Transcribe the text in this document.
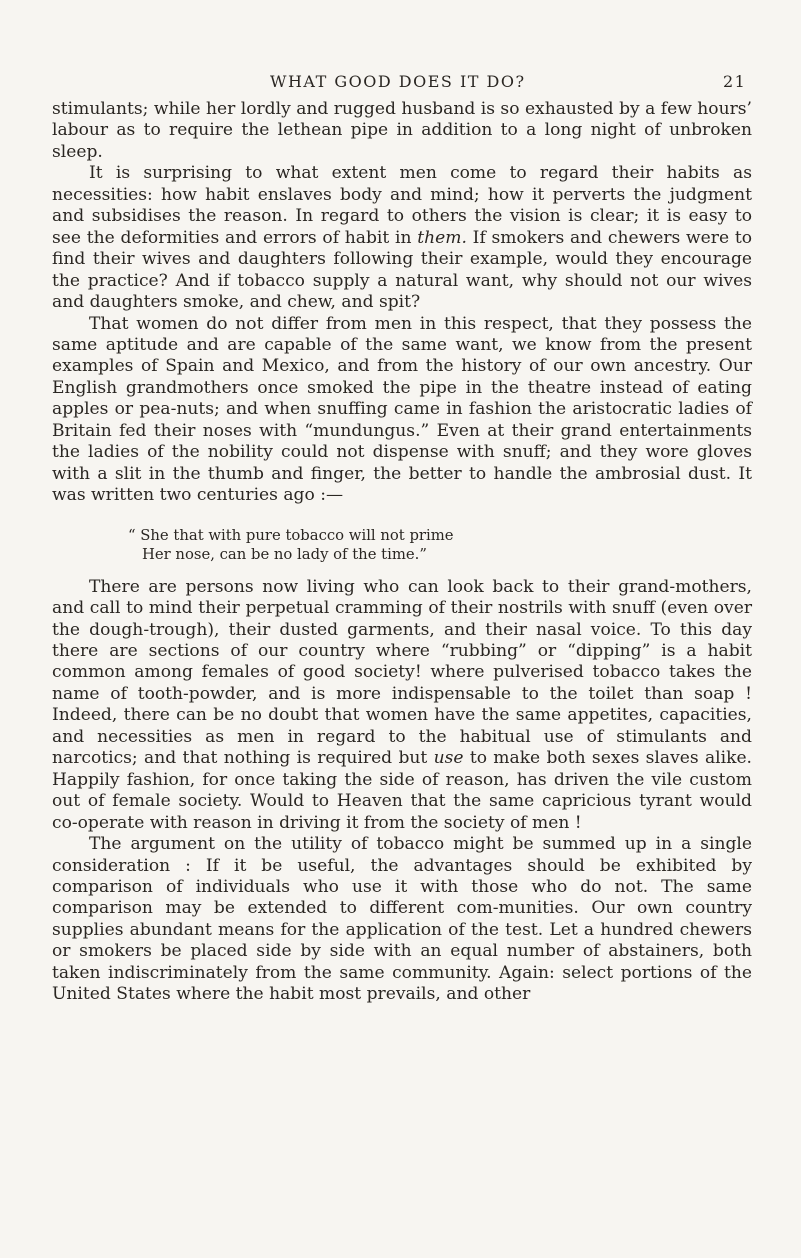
WHAT GOOD DOES IT DO?	21

stimulants; while her lordly and rugged husband is so exhausted by a few hours’ labour as to require the lethean pipe in addition to a long night of unbroken sleep.

It is surprising to what extent men come to regard their habits as necessities: how habit enslaves body and mind; how it perverts the judgment and subsidises the reason. In regard to others the vision is clear; it is easy to see the deformities and errors of habit in them. If smokers and chewers were to find their wives and daughters following their example, would they encourage the practice? And if tobacco supply a natural want, why should not our wives and daughters smoke, and chew, and spit?

That women do not differ from men in this respect, that they possess the same aptitude and are capable of the same want, we know from the present examples of Spain and Mexico, and from the history of our own ancestry. Our English grandmothers once smoked the pipe in the theatre instead of eating apples or pea-nuts; and when snuffing came in fashion the aristocratic ladies of Britain fed their noses with “mundungus.” Even at their grand entertainments the ladies of the nobility could not dispense with snuff; and they wore gloves with a slit in the thumb and finger, the better to handle the ambrosial dust. It was written two centuries ago :—

“ She that with pure tobacco will not prime
Her nose, can be no lady of the time.”

There are persons now living who can look back to their grand-mothers, and call to mind their perpetual cramming of their nostrils with snuff (even over the dough-trough), their dusted garments, and their nasal voice. To this day there are sections of our country where “rubbing” or “dipping” is a habit common among females of good society! where pulverised tobacco takes the name of tooth-powder, and is more indispensable to the toilet than soap ! Indeed, there can be no doubt that women have the same appetites, capacities, and necessities as men in regard to the habitual use of stimulants and narcotics; and that nothing is required but use to make both sexes slaves alike. Happily fashion, for once taking the side of reason, has driven the vile custom out of female society. Would to Heaven that the same capricious tyrant would co-operate with reason in driving it from the society of men !

The argument on the utility of tobacco might be summed up in a single consideration : If it be useful, the advantages should be exhibited by comparison of individuals who use it with those who do not. The same comparison may be extended to different com-munities. Our own country supplies abundant means for the application of the test. Let a hundred chewers or smokers be placed side by side with an equal number of abstainers, both taken indiscriminately from the same community. Again: select portions of the United States where the habit most prevails, and other
